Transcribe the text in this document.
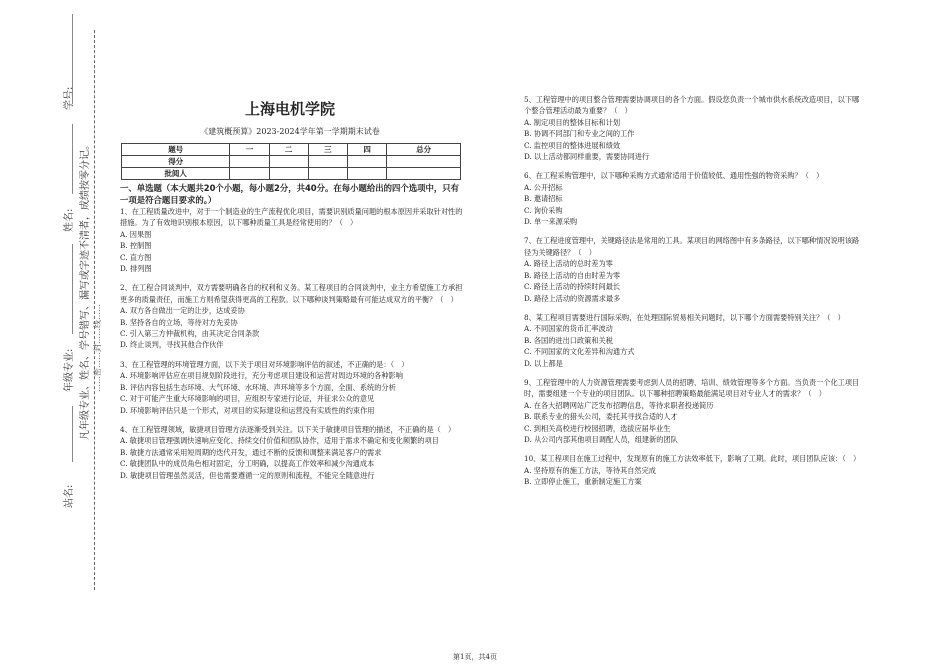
学号:
姓名:
年级专业:
站名:
凡年级专业、姓名、学号错写、漏写或字迹不清者，成绩按零分记。 ……密……封……线……
上海电机学院
《建筑概预算》2023-2024学年第一学期期末试卷
题号	一	二	三	四	总分
得分					
批阅人					

一、单选题（本大题共20个小题，每小题2分，共40分。在每小题给出的四个选项中，只有一项是符合题目要求的。）

1、在工程质量改进中，对于一个制造业的生产流程优化项目，需要识别质量问题的根本原因并采取针对性的措施。为了有效地识别根本原因，以下哪种质量工具是经常使用的？（　）

A. 因果图

B. 控制图

C. 直方图

D. 排列图

2、在工程合同谈判中，双方需要明确各自的权利和义务。某工程项目的合同谈判中，业主方希望施工方承担更多的质量责任，而施工方则希望获得更高的工程款。以下哪种谈判策略最有可能达成双方的平衡？（　）

A. 双方各自做出一定的让步，达成妥协

B. 坚持各自的立场，等待对方先妥协

C. 引入第三方仲裁机构，由其决定合同条款

D. 终止谈判，寻找其他合作伙伴

3、在工程管理的环境管理方面，以下关于项目对环境影响评估的叙述，不正确的是：（　）

A. 环境影响评估应在项目规划阶段进行，充分考虑项目建设和运营对周边环境的各种影响

B. 评估内容包括生态环境、大气环境、水环境、声环境等多个方面，全面、系统的分析

C. 对于可能产生重大环境影响的项目，应组织专家进行论证，并征求公众的意见

D. 环境影响评估只是一个形式，对项目的实际建设和运营没有实质性的约束作用

4、在工程管理领域，敏捷项目管理方法逐渐受到关注。以下关于敏捷项目管理的描述，不正确的是（　）

A. 敏捷项目管理强调快速响应变化、持续交付价值和团队协作，适用于需求不确定和变化频繁的项目

B. 敏捷方法通常采用短周期的迭代开发，通过不断的反馈和调整来满足客户的需求

C. 敏捷团队中的成员角色相对固定，分工明确，以提高工作效率和减少沟通成本

D. 敏捷项目管理虽然灵活，但也需要遵循一定的原则和流程，不能完全随意进行

5、工程管理中的项目整合管理需要协调项目的各个方面。假设您负责一个城市供水系统改造项目，以下哪个整合管理活动最为重要？（　）

A. 制定项目的整体目标和计划

B. 协调不同部门和专业之间的工作

C. 监控项目的整体进展和绩效

D. 以上活动都同样重要，需要协同进行

6、在工程采购管理中，以下哪种采购方式通常适用于价值较低、通用性强的物资采购？（　）

A. 公开招标

B. 邀请招标

C. 询价采购

D. 单一来源采购

7、在工程进度管理中，关键路径法是常用的工具。某项目的网络图中有多条路径，以下哪种情况说明该路径为关键路径？（　）

A. 路径上活动的总时差为零

B. 路径上活动的自由时差为零

C. 路径上活动的持续时间最长

D. 路径上活动的资源需求最多

8、某工程项目需要进行国际采购，在处理国际贸易相关问题时，以下哪个方面需要特别关注？（　）

A. 不同国家的货币汇率波动

B. 各国的进出口政策和关税

C. 不同国家的文化差异和沟通方式

D. 以上都是

9、工程管理中的人力资源管理需要考虑到人员的招聘、培训、绩效管理等多个方面。当负责一个化工项目时，需要组建一个专业的项目团队。以下哪种招聘策略最能满足项目对专业人才的需求？（　）

A. 在各大招聘网站广泛发布招聘信息，等待求职者投递简历

B. 联系专业的猎头公司，委托其寻找合适的人才

C. 到相关高校进行校园招聘，选拔应届毕业生

D. 从公司内部其他项目调配人员，组建新的团队

10、某工程项目在施工过程中，发现原有的施工方法效率低下，影响了工期。此时，项目团队应该：（　）

A. 坚持原有的施工方法，等待其自然完成

B. 立即停止施工，重新制定施工方案

第1页，共4页
